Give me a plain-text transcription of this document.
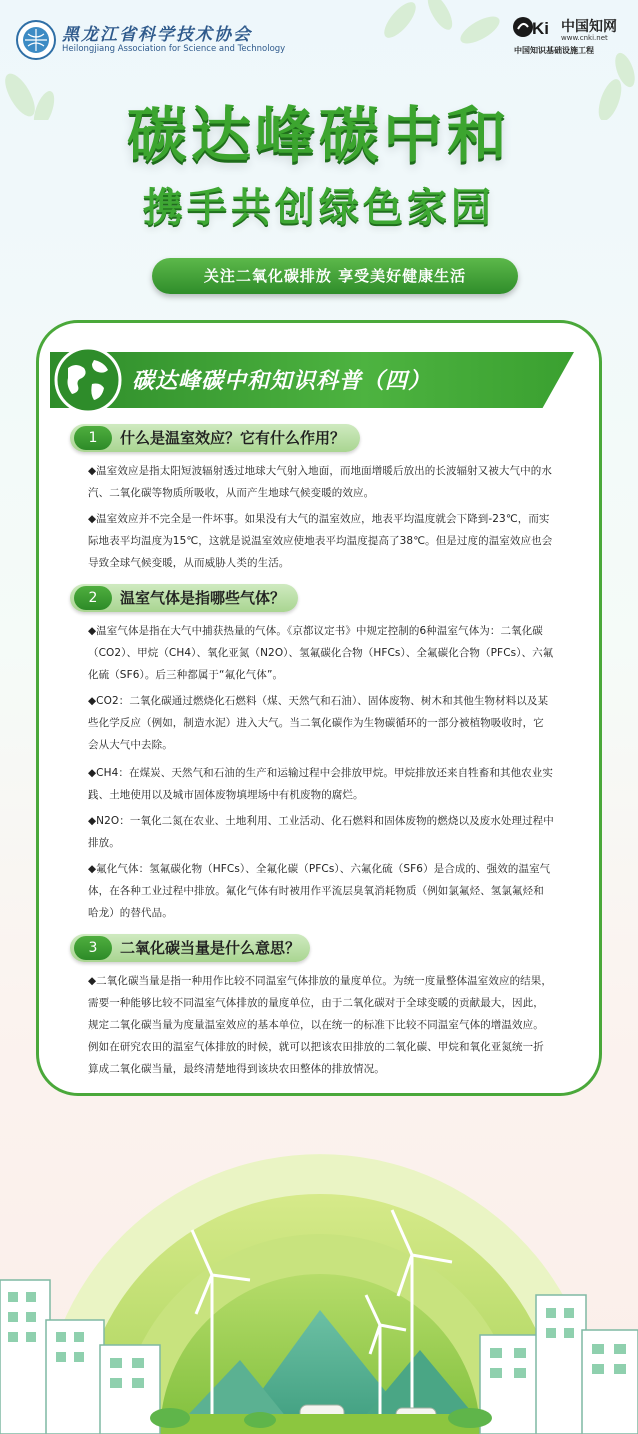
黑龙江省科学技术协会
Heilongjiang Association for Science and Technology
Ki 中国知网
www.cnki.net
中国知识基础设施工程
碳达峰碳中和
携手共创绿色家园
关注二氧化碳排放 享受美好健康生活
碳达峰碳中和知识科普（四）
1	什么是温室效应？它有什么作用？
◆温室效应是指太阳短波辐射透过地球大气射入地面，而地面增暖后放出的长波辐射又被大气中的水汽、二氧化碳等物质所吸收，从而产生地球气候变暖的效应。
◆温室效应并不完全是一件坏事。如果没有大气的温室效应，地表平均温度就会下降到-23℃，而实际地表平均温度为15℃，这就是说温室效应使地表平均温度提高了38℃。但是过度的温室效应也会导致全球气候变暖，从而威胁人类的生活。
2	温室气体是指哪些气体？
◆温室气体是指在大气中捕获热量的气体。《京都议定书》中规定控制的6种温室气体为：二氧化碳（CO2）、甲烷（CH4）、氧化亚氮（N2O）、氢氟碳化合物（HFCs）、全氟碳化合物（PFCs）、六氟化硫（SF6）。后三种都属于“氟化气体”。
◆CO2：二氧化碳通过燃烧化石燃料（煤、天然气和石油）、固体废物、树木和其他生物材料以及某些化学反应（例如，制造水泥）进入大气。当二氧化碳作为生物碳循环的一部分被植物吸收时，它会从大气中去除。
◆CH4：在煤炭、天然气和石油的生产和运输过程中会排放甲烷。甲烷排放还来自牲畜和其他农业实践、土地使用以及城市固体废物填埋场中有机废物的腐烂。
◆N2O：一氧化二氮在农业、土地利用、工业活动、化石燃料和固体废物的燃烧以及废水处理过程中排放。
◆氟化气体：氢氟碳化物（HFCs）、全氟化碳（PFCs）、六氟化硫（SF6）是合成的、强效的温室气体，在各种工业过程中排放。氟化气体有时被用作平流层臭氧消耗物质（例如氯氟烃、氢氯氟烃和哈龙）的替代品。
3	二氧化碳当量是什么意思？
◆二氧化碳当量是指一种用作比较不同温室气体排放的量度单位。为统一度量整体温室效应的结果，需要一种能够比较不同温室气体排放的量度单位，由于二氧化碳对于全球变暖的贡献最大，因此，规定二氧化碳当量为度量温室效应的基本单位，以在统一的标准下比较不同温室气体的增温效应。例如在研究农田的温室气体排放的时候，就可以把该农田排放的二氧化碳、甲烷和氧化亚氮统一折算成二氧化碳当量，最终清楚地得到该块农田整体的排放情况。
